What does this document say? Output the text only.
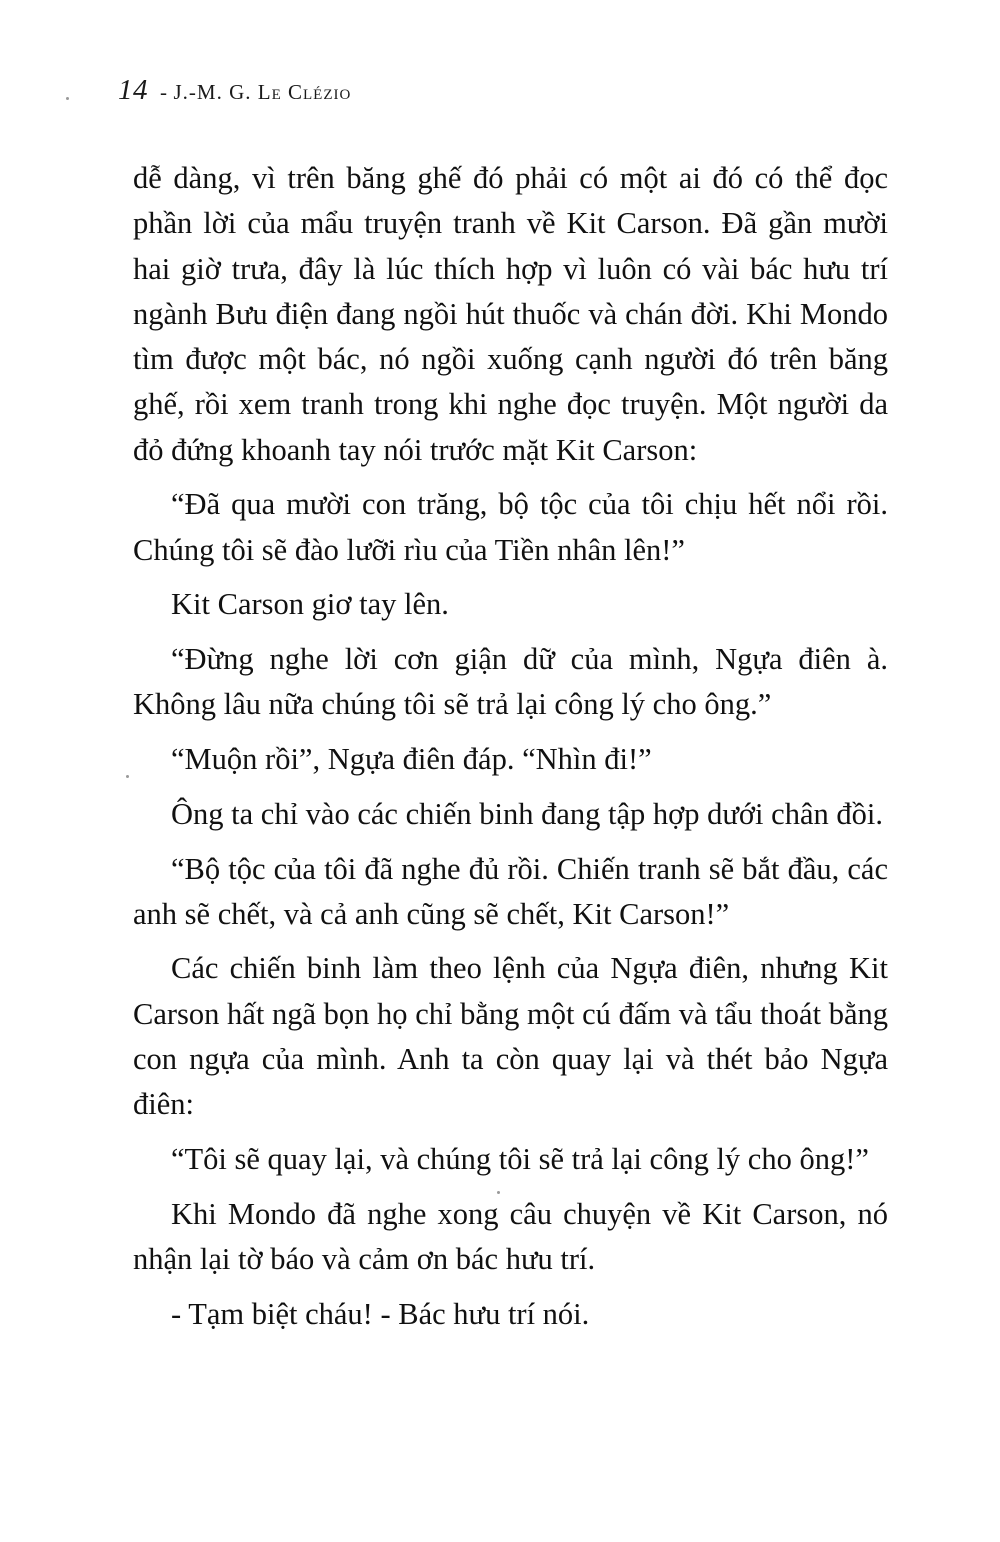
14 - J.-M. G. Le Clézio

dễ dàng, vì trên băng ghế đó phải có một ai đó có thể đọc phần lời của mẩu truyện tranh về Kit Carson. Đã gần mười hai giờ trưa, đây là lúc thích hợp vì luôn có vài bác hưu trí ngành Bưu điện đang ngồi hút thuốc và chán đời. Khi Mondo tìm được một bác, nó ngồi xuống cạnh người đó trên băng ghế, rồi xem tranh trong khi nghe đọc truyện. Một người da đỏ đứng khoanh tay nói trước mặt Kit Carson:

“Đã qua mười con trăng, bộ tộc của tôi chịu hết nổi rồi. Chúng tôi sẽ đào lưỡi rìu của Tiền nhân lên!”

Kit Carson giơ tay lên.

“Đừng nghe lời cơn giận dữ của mình, Ngựa điên à. Không lâu nữa chúng tôi sẽ trả lại công lý cho ông.”

“Muộn rồi”, Ngựa điên đáp. “Nhìn đi!”

Ông ta chỉ vào các chiến binh đang tập hợp dưới chân đồi.

“Bộ tộc của tôi đã nghe đủ rồi. Chiến tranh sẽ bắt đầu, các anh sẽ chết, và cả anh cũng sẽ chết, Kit Carson!”

Các chiến binh làm theo lệnh của Ngựa điên, nhưng Kit Carson hất ngã bọn họ chỉ bằng một cú đấm và tẩu thoát bằng con ngựa của mình. Anh ta còn quay lại và thét bảo Ngựa điên:

“Tôi sẽ quay lại, và chúng tôi sẽ trả lại công lý cho ông!”

Khi Mondo đã nghe xong câu chuyện về Kit Carson, nó nhận lại tờ báo và cảm ơn bác hưu trí.

- Tạm biệt cháu! - Bác hưu trí nói.
